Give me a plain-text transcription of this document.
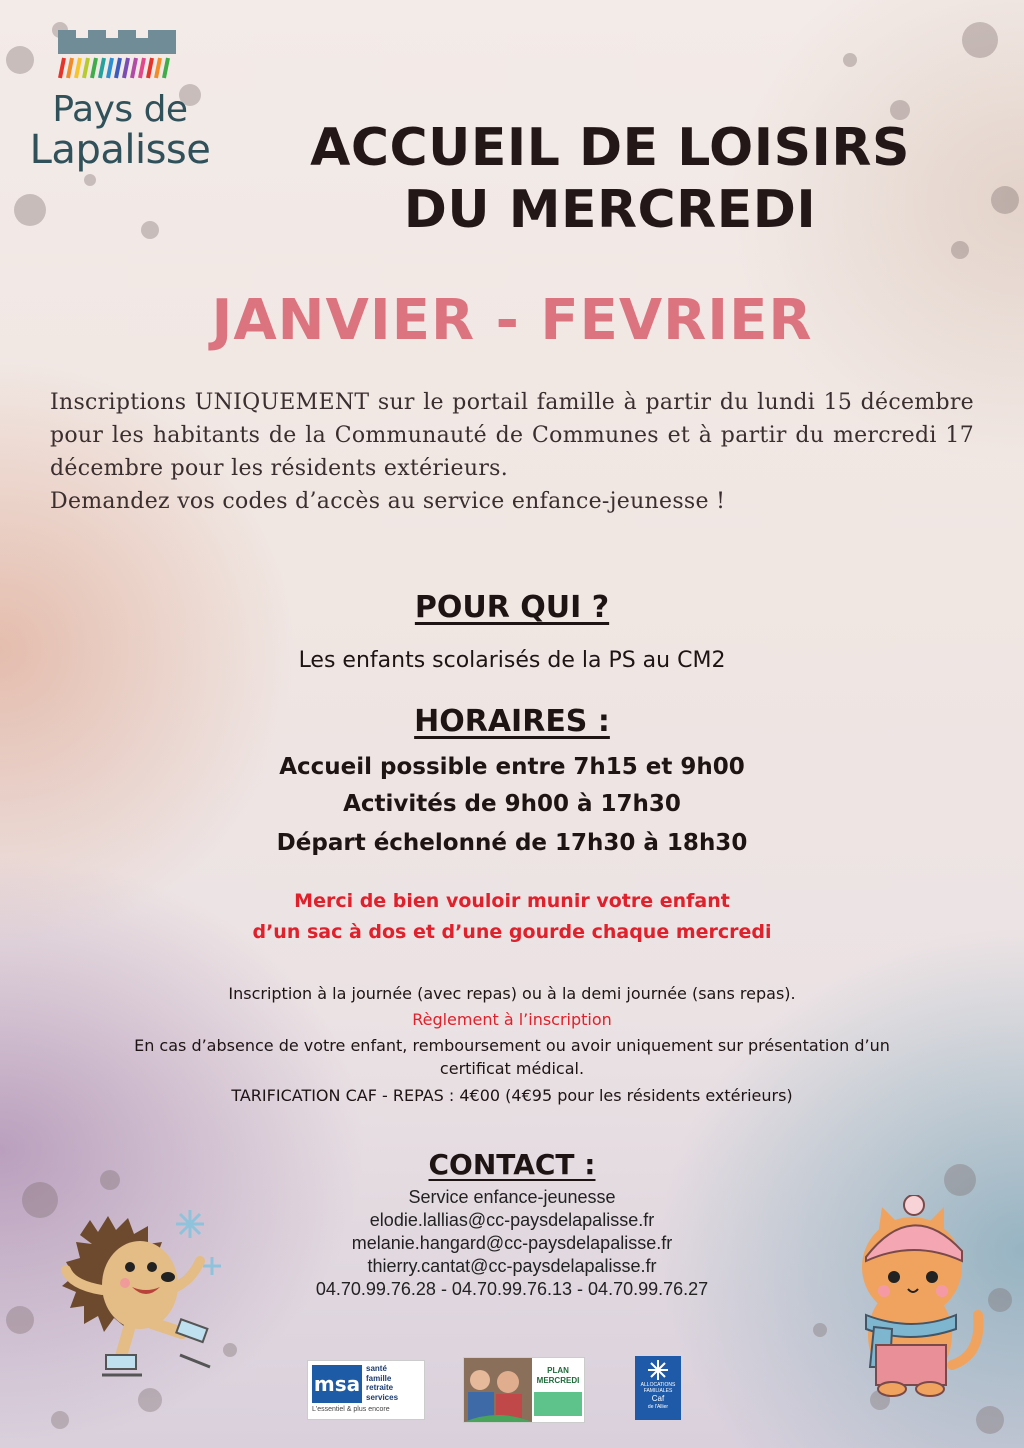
Pays de
Lapalisse	ACCUEIL DE LOISIRS
DU MERCREDI
JANVIER - FEVRIER

Inscriptions UNIQUEMENT sur le portail famille à partir du lundi 15 décembre pour les habitants de la Communauté de Communes et à partir du mercredi 17 décembre pour les résidents extérieurs.

Demandez vos codes d’accès au service enfance-jeunesse !

POUR QUI ?
Les enfants scolarisés de la PS au CM2
HORAIRES :
Accueil possible entre 7h15 et 9h00
Activités de 9h00 à 17h30
Départ échelonné de 17h30 à 18h30
Merci de bien vouloir munir votre enfant
d’un sac à dos et d’une gourde chaque mercredi
Inscription à la journée (avec repas) ou à la demi journée (sans repas).
Règlement à l’inscription
En cas d’absence de votre enfant, remboursement ou avoir uniquement sur présentation d’un
certificat médical.
TARIFICATION CAF - REPAS : 4€00 (4€95 pour les résidents extérieurs)
CONTACT :
Service enfance-jeunesse
elodie.lallias@cc-paysdelapalisse.fr
melanie.hangard@cc-paysdelapalisse.fr
thierry.cantat@cc-paysdelapalisse.fr
04.70.99.76.28 - 04.70.99.76.13 - 04.70.99.76.27
msa
santé
famille
retraite
services
L'essentiel & plus encore
PLAN
MERCREDI	ALLOCATIONS
FAMILIALES
Caf
de l'Allier
